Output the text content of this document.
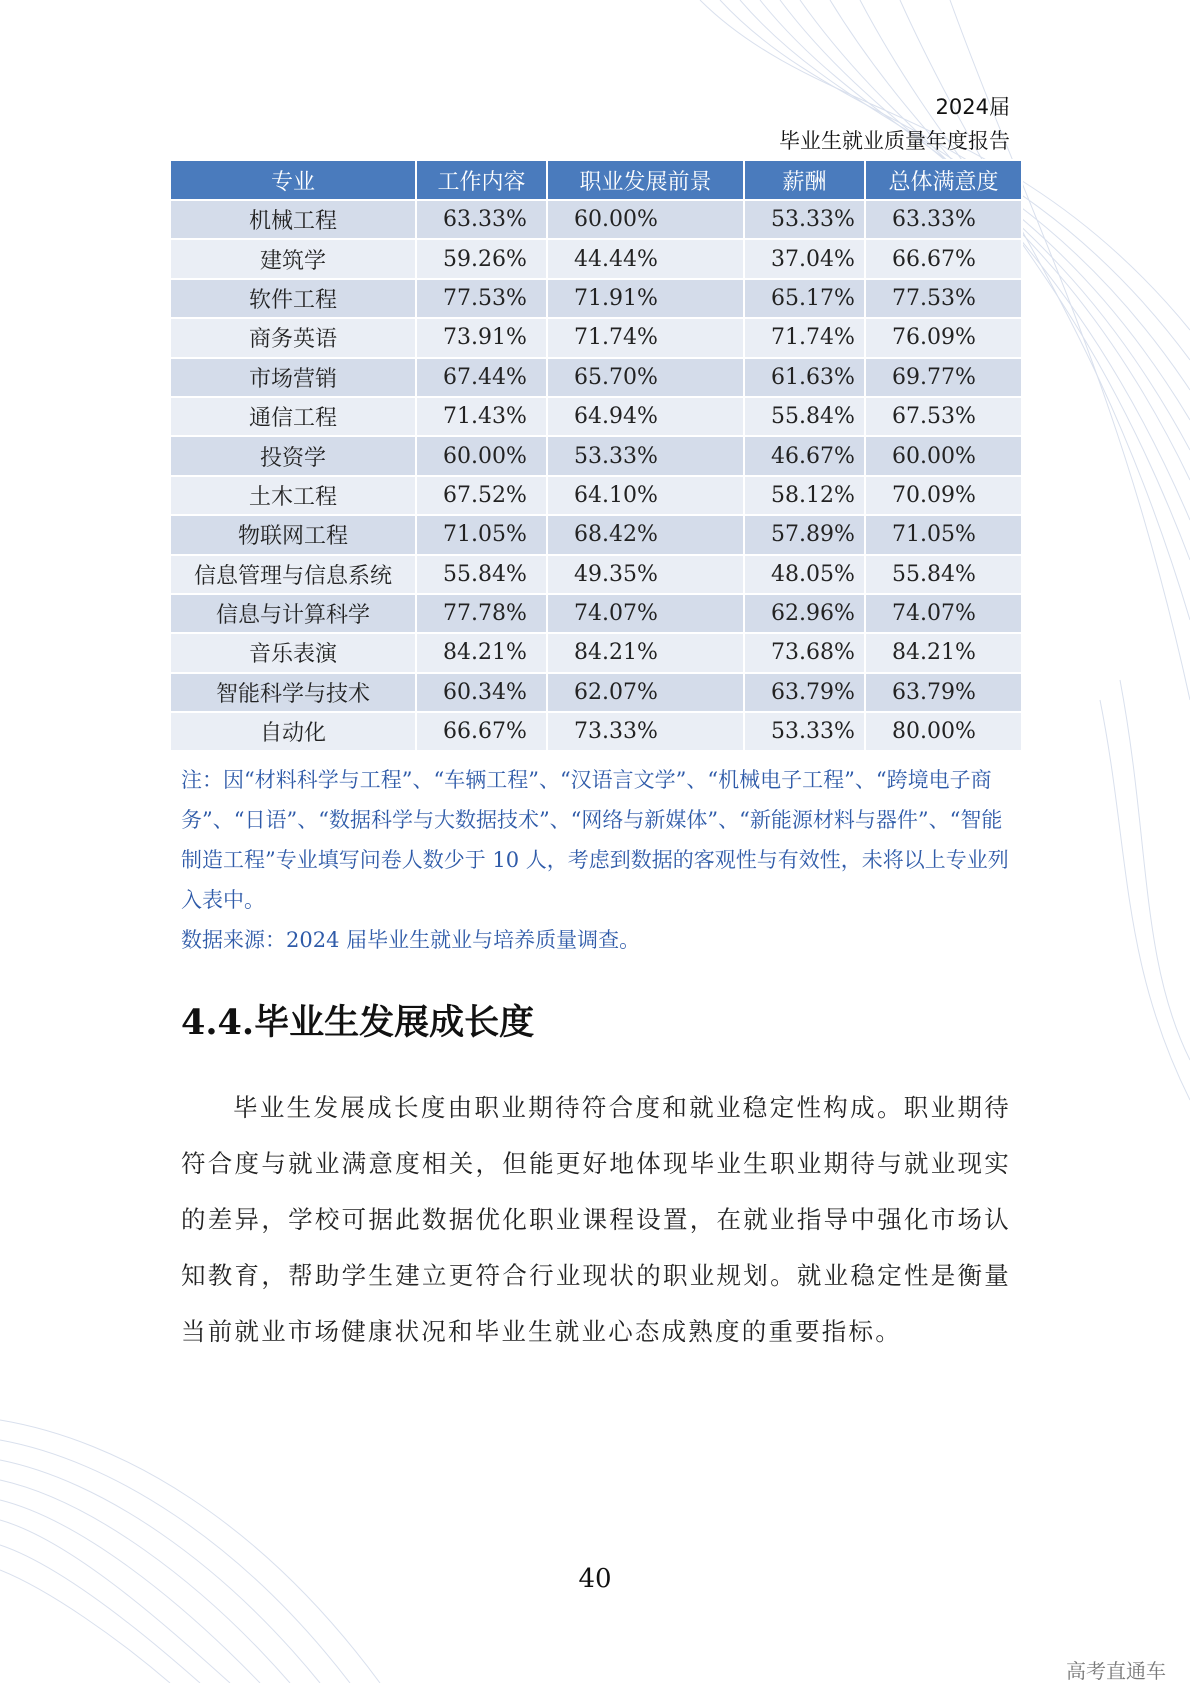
2024届
毕业生就业质量年度报告
专业	工作内容	职业发展前景	薪酬	总体满意度
机械工程	63.33%	60.00%	53.33%	63.33%
建筑学	59.26%	44.44%	37.04%	66.67%
软件工程	77.53%	71.91%	65.17%	77.53%
商务英语	73.91%	71.74%	71.74%	76.09%
市场营销	67.44%	65.70%	61.63%	69.77%
通信工程	71.43%	64.94%	55.84%	67.53%
投资学	60.00%	53.33%	46.67%	60.00%
土木工程	67.52%	64.10%	58.12%	70.09%
物联网工程	71.05%	68.42%	57.89%	71.05%
信息管理与信息系统	55.84%	49.35%	48.05%	55.84%
信息与计算科学	77.78%	74.07%	62.96%	74.07%
音乐表演	84.21%	84.21%	73.68%	84.21%
智能科学与技术	60.34%	62.07%	63.79%	63.79%
自动化	66.67%	73.33%	53.33%	80.00%

注：因“材料科学与工程”、“车辆工程”、“汉语言文学”、“机械电子工程”、“跨境电子商务”、“日语”、“数据科学与大数据技术”、“网络与新媒体”、“新能源材料与器件”、“智能制造工程”专业填写问卷人数少于 10 人，考虑到数据的客观性与有效性，未将以上专业列入表中。

数据来源：2024 届毕业生就业与培养质量调查。

4.4.毕业生发展成长度

毕业生发展成长度由职业期待符合度和就业稳定性构成。职业期待符合度与就业满意度相关，但能更好地体现毕业生职业期待与就业现实的差异，学校可据此数据优化职业课程设置，在就业指导中强化市场认知教育，帮助学生建立更符合行业现状的职业规划。就业稳定性是衡量当前就业市场健康状况和毕业生就业心态成熟度的重要指标。

40
高考直通车
